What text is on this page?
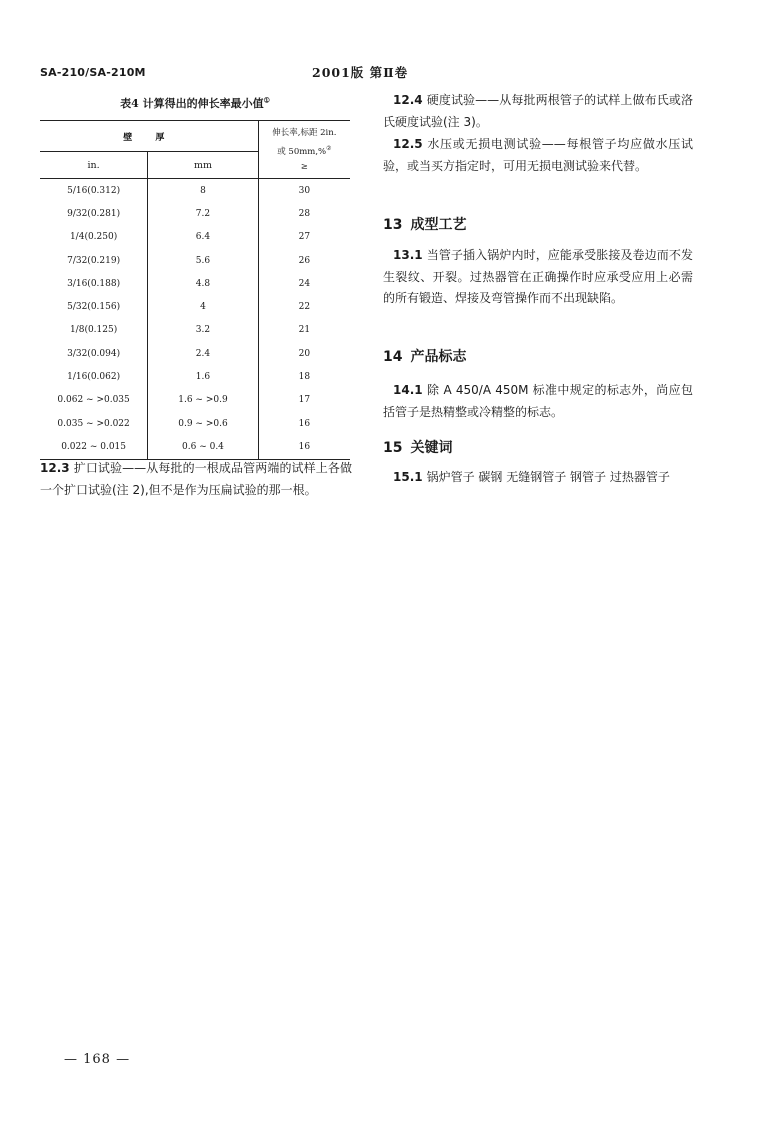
SA-210/SA-210M	2001版 第Ⅱ卷
表4 计算得出的伸长率最小值①
壁 厚		伸长率,标距 2in.
或 50mm,%②
≥

in.	mm	
5/16(0.312)	8	30
9/32(0.281)	7.2	28
1/4(0.250)	6.4	27
7/32(0.219)	5.6	26
3/16(0.188)	4.8	24
5/32(0.156)	4	22
1/8(0.125)	3.2	21
3/32(0.094)	2.4	20
1/16(0.062)	1.6	18
0.062 ~ >0.035	1.6 ~ >0.9	17
0.035 ~ >0.022	0.9 ~ >0.6	16
0.022 ~ 0.015	0.6 ~ 0.4	16
12.3 扩口试验——从每批的一根成品管两端的试样上各做一个扩口试验(注 2),但不是作为压扁试验的那一根。
12.4 硬度试验——从每批两根管子的试样上做布氏或洛氏硬度试验(注 3)。
12.5 水压或无损电测试验——每根管子均应做水压试验，或当买方指定时，可用无损电测试验来代替。
13 成型工艺
13.1 当管子插入锅炉内时，应能承受胀接及卷边而不发生裂纹、开裂。过热器管在正确操作时应承受应用上必需的所有锻造、焊接及弯管操作而不出现缺陷。
14 产品标志
14.1 除 A 450/A 450M 标准中规定的标志外，尚应包括管子是热精整或冷精整的标志。
15 关键词
15.1 锅炉管子 碳钢 无缝钢管子 钢管子 过热器管子
— 168 —
